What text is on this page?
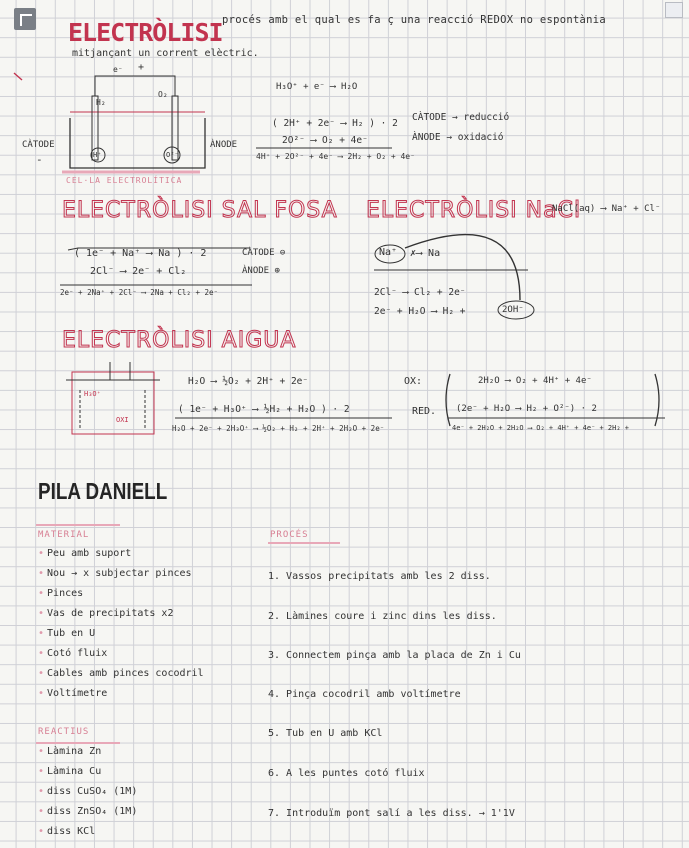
ELECTRÒLISI procés amb el qual es fa ç una reacció REDOX no espontània
mitjançant un corrent elèctric.
e⁻ +
H₂
O₂
CÀTODE
-
ÀNODE
H⁺	O²⁻
CEL·LA ELECTROLÍTICA
H₃O⁺ + e⁻ ⟶ H₂O
( 2H⁺ + 2e⁻ ⟶ H₂ ) · 2
CÀTODE → reducció
2O²⁻ ⟶ O₂ + 4e⁻	ÀNODE → oxidació
4H⁺ + 2O²⁻ + 4e⁻ ⟶ 2H₂ + O₂ + 4e⁻
ELECTRÒLISI SAL FOSA
( 1e⁻ + Na⁺ ⟶ Na ) · 2	CÀTODE ⊖
2Cl⁻ ⟶ 2e⁻ + Cl₂	ÀNODE ⊕
2e⁻ + 2Na⁺ + 2Cl⁻ ⟶ 2Na + Cl₂ + 2e⁻
ELECTRÒLISI NaCl
NaCl(aq) ⟶ Na⁺ + Cl⁻
Na⁺ ✗⟶ Na
2Cl⁻ ⟶ Cl₂ + 2e⁻
2e⁻ + H₂O ⟶ H₂ +	2OH⁻
ELECTRÒLISI AIGUA
H₃O⁺
OXI
H₂O ⟶ ½O₂ + 2H⁺ + 2e⁻
( 1e⁻ + H₃O⁺ ⟶ ½H₂ + H₂O ) · 2
H₂O + 2e⁻ + 2H₃O⁺ ⟶ ½O₂ + H₂ + 2H⁺ + 2H₂O + 2e⁻
OX:
RED.
2H₂O ⟶ O₂ + 4H⁺ + 4e⁻
(2e⁻ + H₂O ⟶ H₂ + O²⁻) · 2
4e⁻ + 2H₂O + 2H₂O ⟶ O₂ + 4H⁺ + 4e⁻ + 2H₂ +
PILA DANIELL
MATERIAL	PROCÉS
• Peu amb suport
• Nou → x subjectar pinces
• Pinces
• Vas de precipitats x2
• Tub en U
• Cotó fluix
• Cables amb pinces cocodril
• Voltímetre
REACTIUS
• Làmina Zn
• Làmina Cu
• diss CuSO₄ (1M)
• diss ZnSO₄ (1M)
• diss KCl
1. Vassos precipitats amb les 2 diss.
2. Làmines coure i zinc dins les diss.
3. Connectem pinça amb la placa de Zn i Cu
4. Pinça cocodril amb voltímetre
5. Tub en U amb KCl
6. A les puntes cotó fluix
7. Introduïm pont salí a les diss. → 1'1V
